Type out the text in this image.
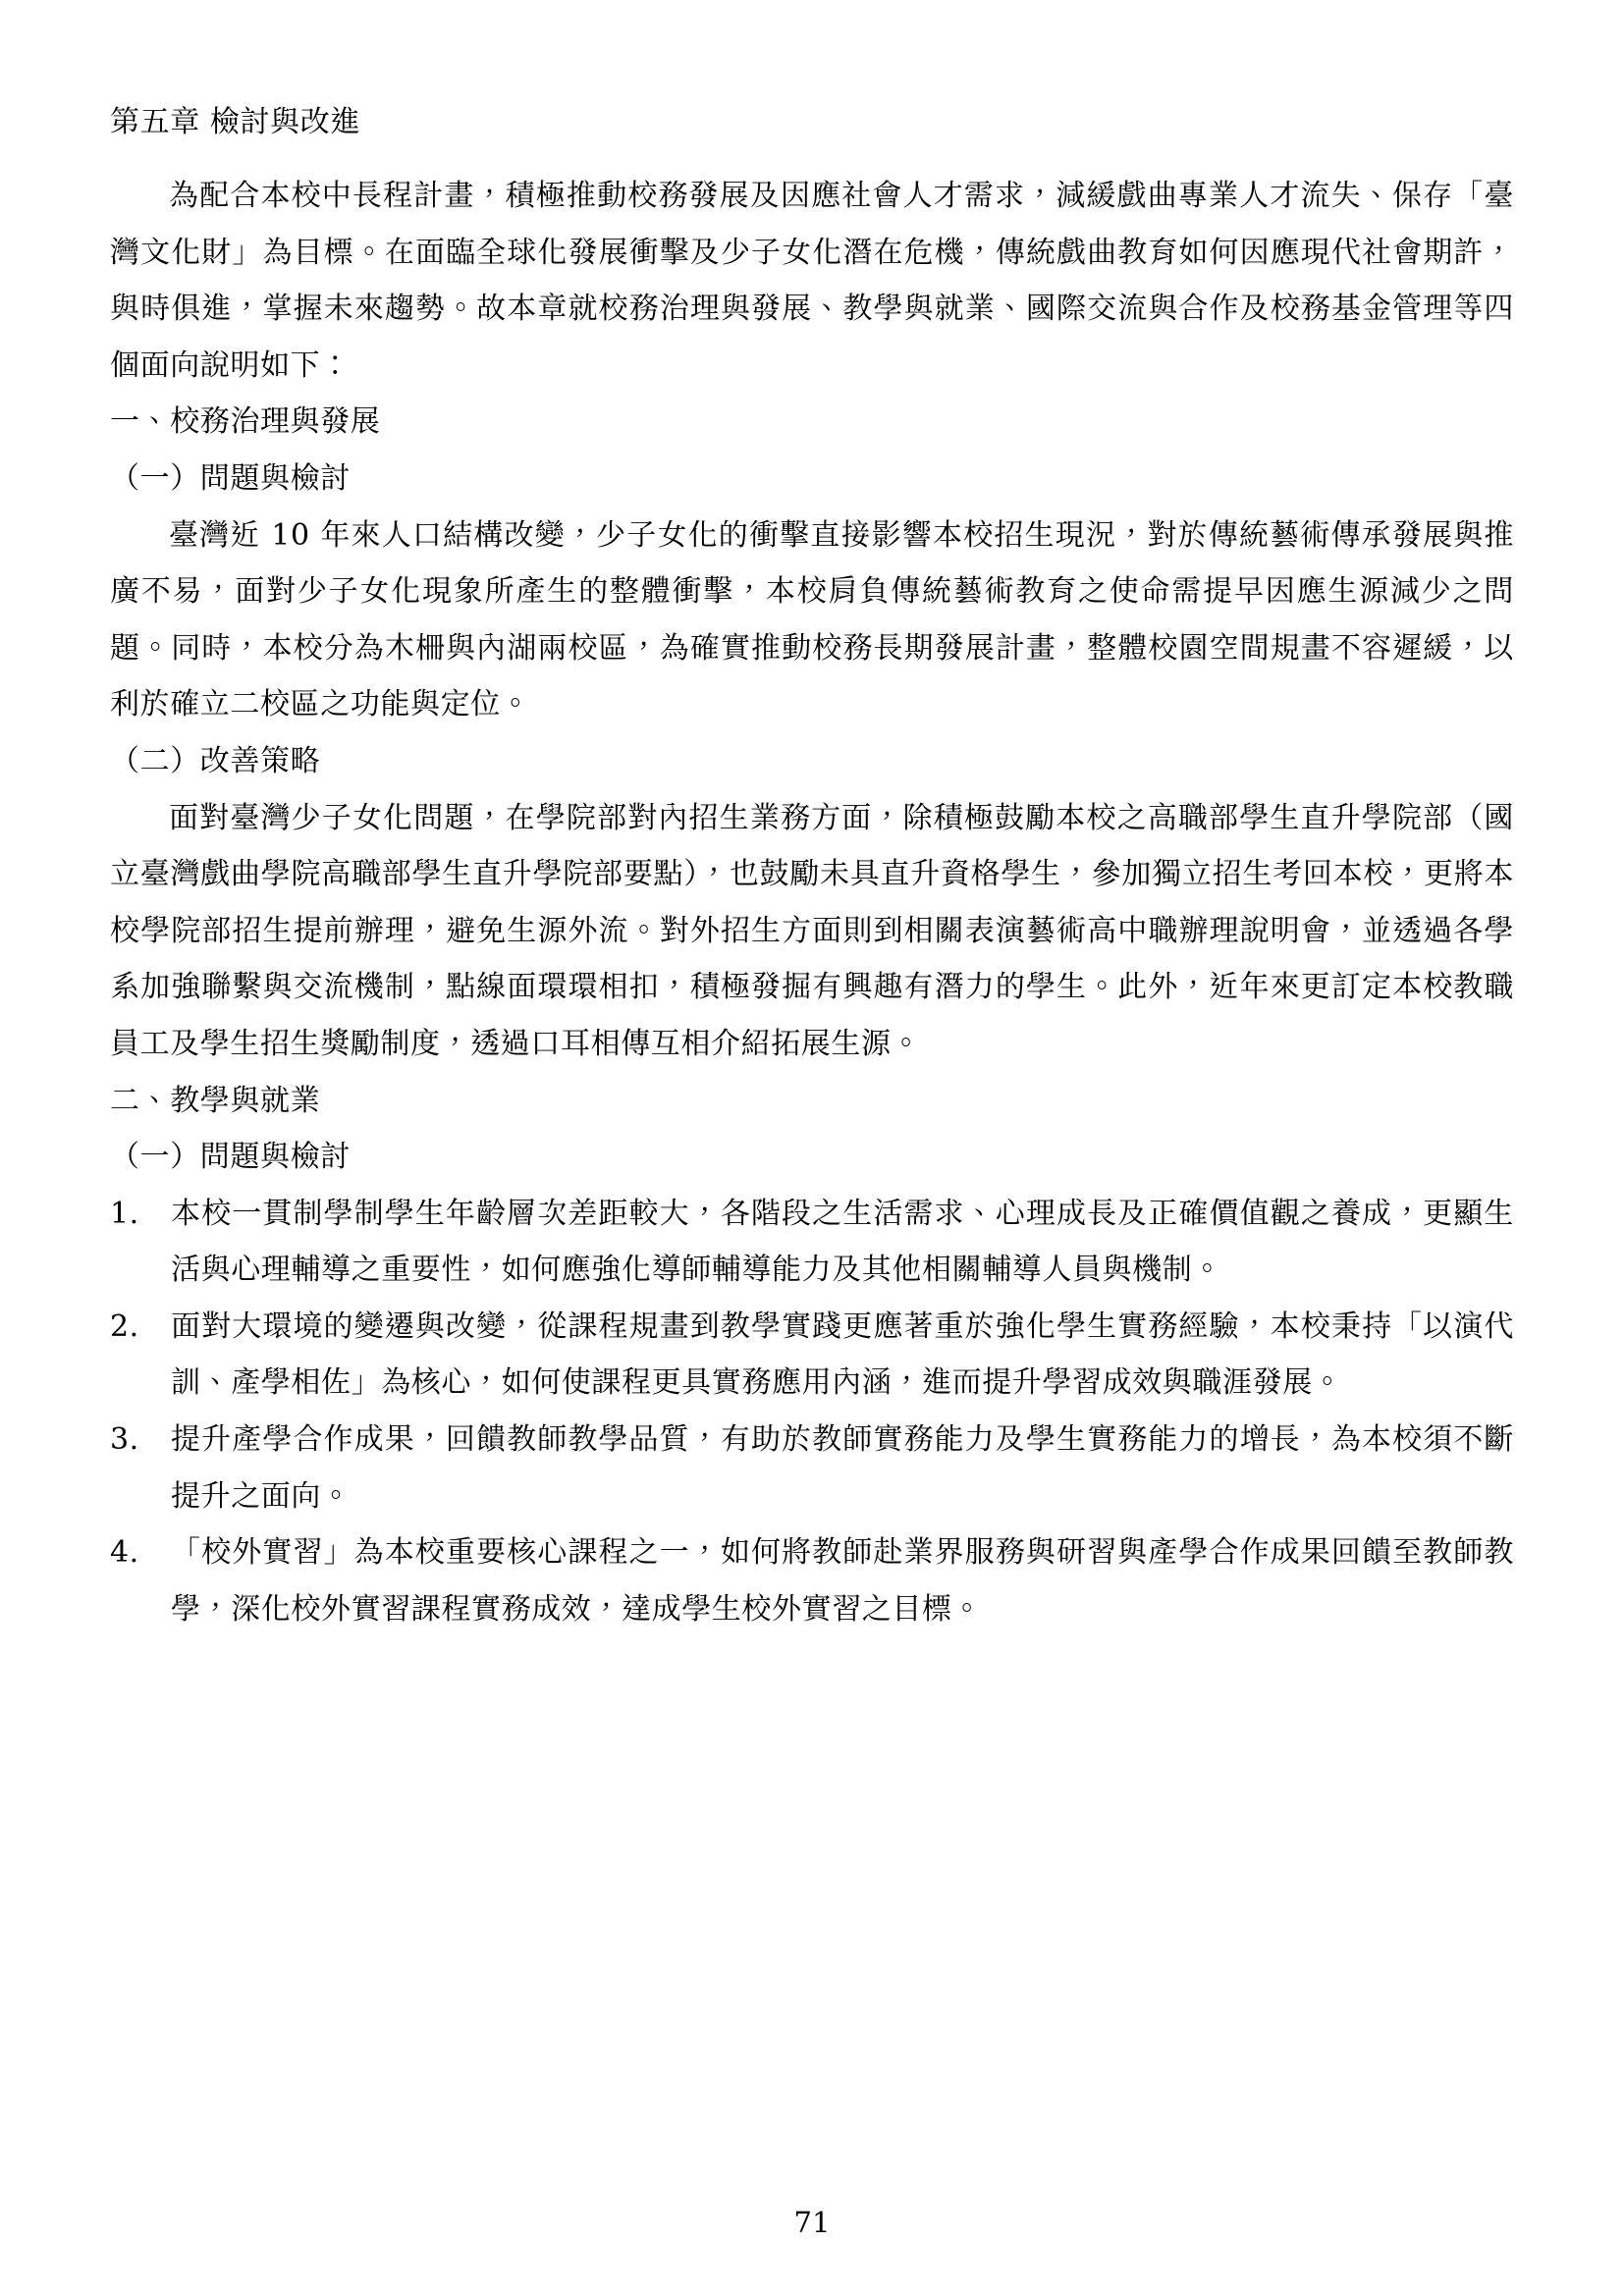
第五章 檢討與改進

為配合本校中長程計畫，積極推動校務發展及因應社會人才需求，減緩戲曲專業人才流失、保存「臺灣文化財」為目標。在面臨全球化發展衝擊及少子女化潛在危機，傳統戲曲教育如何因應現代社會期許，與時俱進，掌握未來趨勢。故本章就校務治理與發展、教學與就業、國際交流與合作及校務基金管理等四個面向說明如下：

一、校務治理與發展

（一）問題與檢討

臺灣近 10 年來人口結構改變，少子女化的衝擊直接影響本校招生現況，對於傳統藝術傳承發展與推廣不易，面對少子女化現象所產生的整體衝擊，本校肩負傳統藝術教育之使命需提早因應生源減少之問題。同時，本校分為木柵與內湖兩校區，為確實推動校務長期發展計畫，整體校園空間規畫不容遲緩，以利於確立二校區之功能與定位。

（二）改善策略

面對臺灣少子女化問題，在學院部對內招生業務方面，除積極鼓勵本校之高職部學生直升學院部（國立臺灣戲曲學院高職部學生直升學院部要點），也鼓勵未具直升資格學生，參加獨立招生考回本校，更將本校學院部招生提前辦理，避免生源外流。對外招生方面則到相關表演藝術高中職辦理說明會，並透過各學系加強聯繫與交流機制，點線面環環相扣，積極發掘有興趣有潛力的學生。此外，近年來更訂定本校教職員工及學生招生獎勵制度，透過口耳相傳互相介紹拓展生源。

二、教學與就業

（一）問題與檢討

1.	本校一貫制學制學生年齡層次差距較大，各階段之生活需求、心理成長及正確價值觀之養成，更顯生活與心理輔導之重要性，如何應強化導師輔導能力及其他相關輔導人員與機制。
2.	面對大環境的變遷與改變，從課程規畫到教學實踐更應著重於強化學生實務經驗，本校秉持「以演代訓、產學相佐」為核心，如何使課程更具實務應用內涵，進而提升學習成效與職涯發展。
3.	提升產學合作成果，回饋教師教學品質，有助於教師實務能力及學生實務能力的增長，為本校須不斷提升之面向。
4.	「校外實習」為本校重要核心課程之一，如何將教師赴業界服務與研習與產學合作成果回饋至教師教學，深化校外實習課程實務成效，達成學生校外實習之目標。
71
